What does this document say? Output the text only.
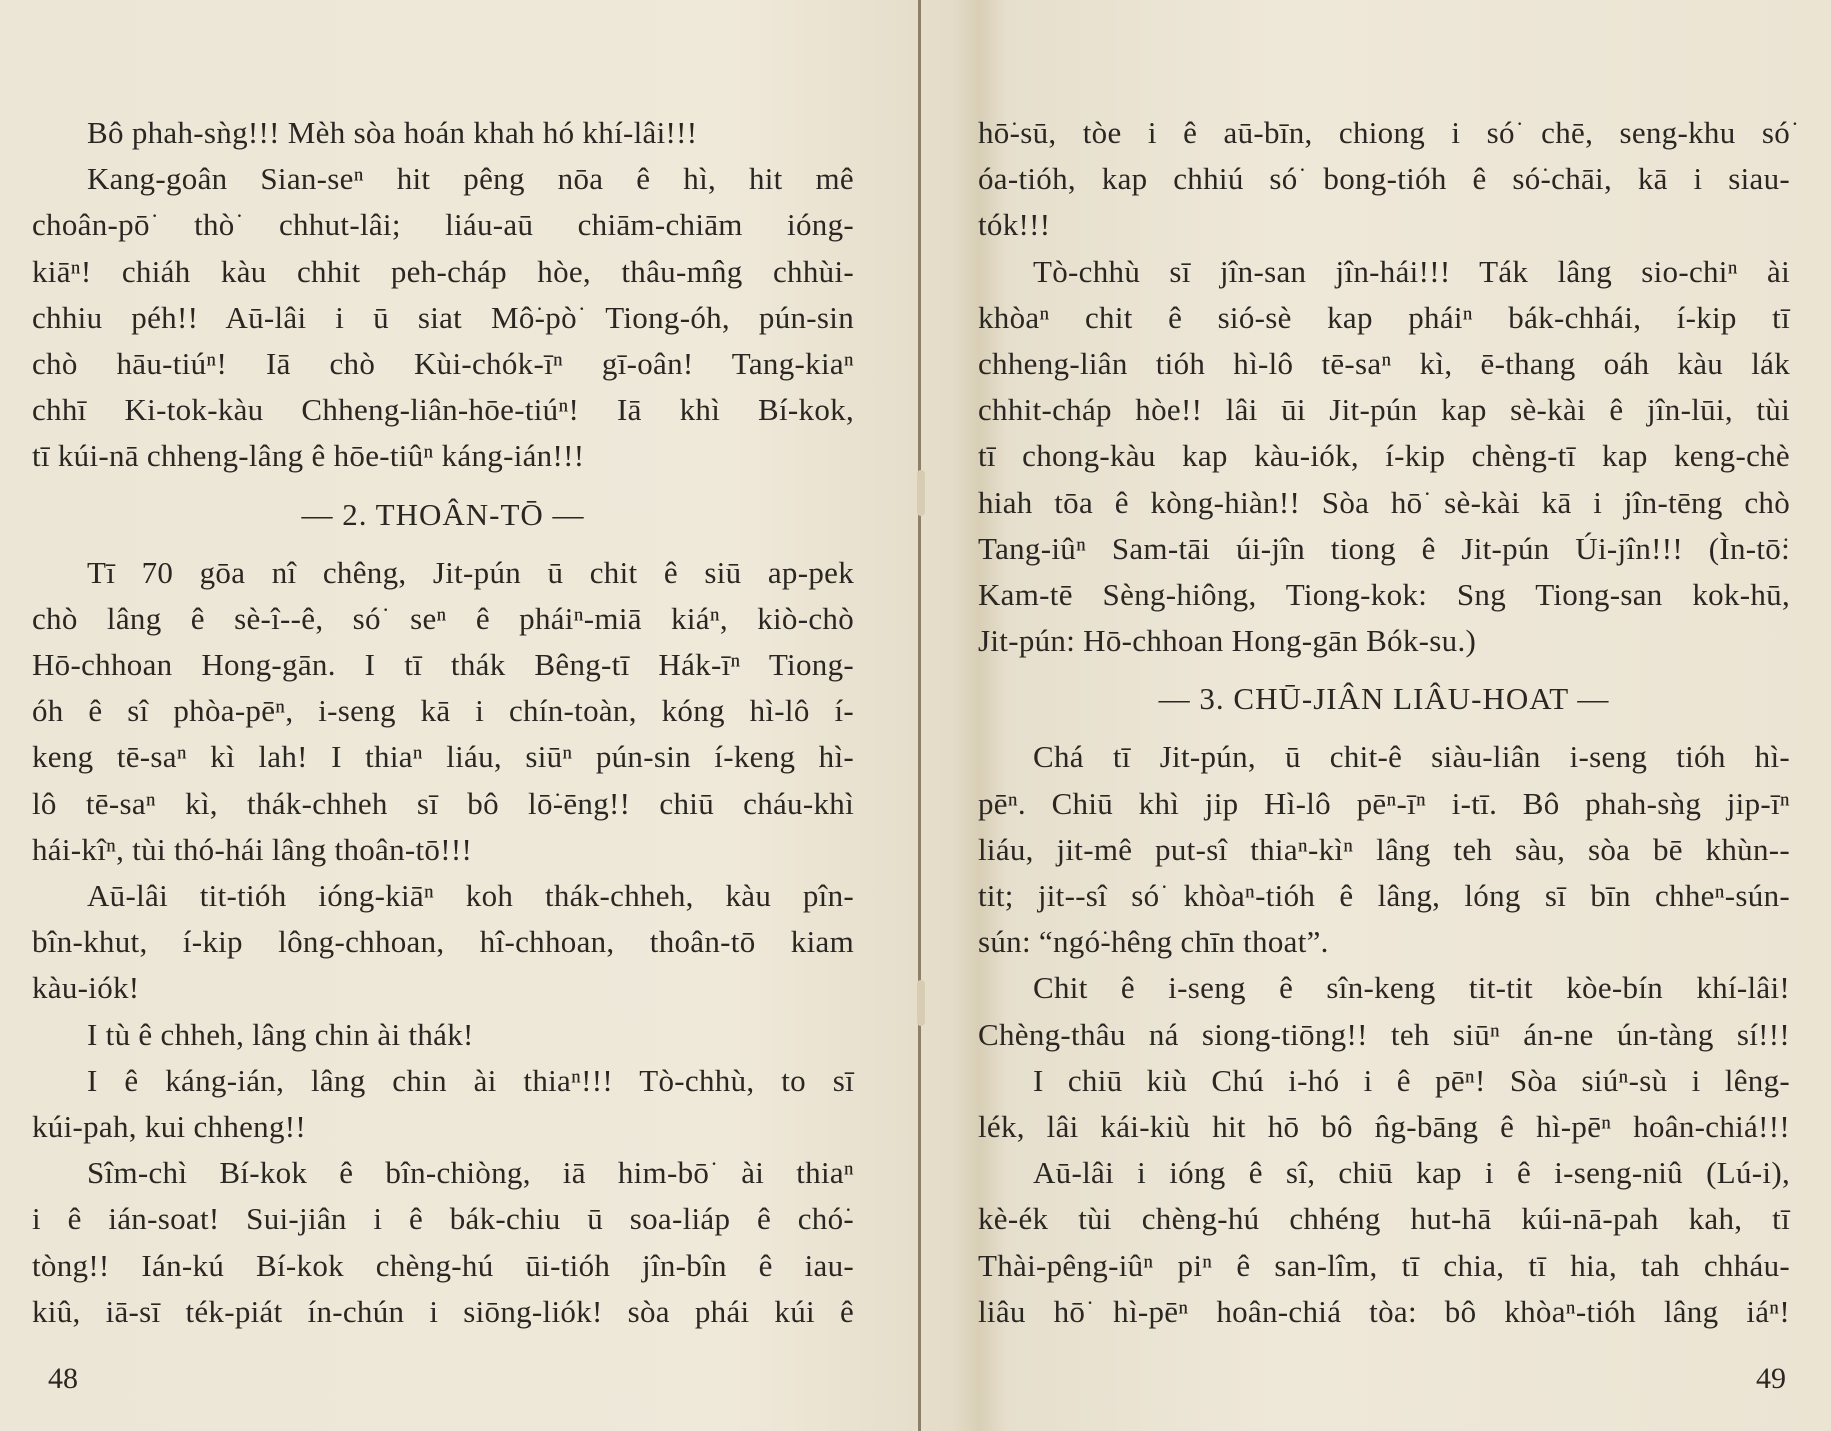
Bô phah-sǹg!!! Mèh sòa hoán khah hó khí-lâi!!!
Kang-goân Sian-seⁿ hit pêng nōa ê hì, hit mê
choân-pō͘ thò͘ chhut-lâi; liáu-aū chiām-chiām ióng-
kiāⁿ! chiáh kàu chhit peh-cháp hòe, thâu-mn̂g chhùi-
chhiu péh!! Aū-lâi i ū siat Mô͘-pò͘ Tiong-óh, pún-sin
chò hāu-tiúⁿ! Iā chò Kùi-chók-īⁿ gī-oân! Tang-kiaⁿ
chhī Ki-tok-kàu Chheng-liân-hōe-tiúⁿ! Iā khì Bí-kok,
tī kúi-nā chheng-lâng ê hōe-tiûⁿ káng-ián!!!
— 2. THOÂN-TŌ —
Tī 70 gōa nî chêng, Jit-pún ū chit ê siū ap-pek
chò lâng ê sè-î--ê, só͘ seⁿ ê pháiⁿ-miā kiáⁿ, kiò-chò
Hō-chhoan Hong-gān. I tī thák Bêng-tī Hák-īⁿ Tiong-
óh ê sî phòa-pēⁿ, i-seng kā i chín-toàn, kóng hì-lô í-
keng tē-saⁿ kì lah! I thiaⁿ liáu, siūⁿ pún-sin í-keng hì-
lô tē-saⁿ kì, thák-chheh sī bô lō͘-ēng!! chiū cháu-khì
hái-kîⁿ, tùi thó-hái lâng thoân-tō!!!
Aū-lâi tit-tióh ióng-kiāⁿ koh thák-chheh, kàu pîn-
bîn-khut, í-kip lông-chhoan, hî-chhoan, thoân-tō kiam
kàu-iók!
I tù ê chheh, lâng chin ài thák!
I ê káng-ián, lâng chin ài thiaⁿ!!! Tò-chhù, to sī
kúi-pah, kui chheng!!
Sîm-chì Bí-kok ê bîn-chiòng, iā him-bō͘ ài thiaⁿ
i ê ián-soat! Sui-jiân i ê bák-chiu ū soa-liáp ê chó͘-
tòng!! Ián-kú Bí-kok chèng-hú ūi-tióh jîn-bîn ê iau-
kiû, iā-sī ték-piát ín-chún i siōng-liók! sòa phái kúi ê
hō͘-sū, tòe i ê aū-bīn, chiong i só͘ chē, seng-khu só͘
óa-tióh, kap chhiú só͘ bong-tióh ê só͘-chāi, kā i siau-
tók!!!
Tò-chhù sī jîn-san jîn-hái!!! Ták lâng sio-chiⁿ ài
khòaⁿ chit ê sió-sè kap pháiⁿ bák-chhái, í-kip tī
chheng-liân tióh hì-lô tē-saⁿ kì, ē-thang oáh kàu lák
chhit-cháp hòe!! lâi ūi Jit-pún kap sè-kài ê jîn-lūi, tùi
tī chong-kàu kap kàu-iók, í-kip chèng-tī kap keng-chè
hiah tōa ê kòng-hiàn!! Sòa hō͘ sè-kài kā i jîn-tēng chò
Tang-iûⁿ Sam-tāi úi-jîn tiong ê Jit-pún Úi-jîn!!! (Ìn-tō͘:
Kam-tē Sèng-hiông, Tiong-kok: Sng Tiong-san kok-hū,
Jit-pún: Hō-chhoan Hong-gān Bók-su.)
— 3. CHŪ-JIÂN LIÂU-HOAT —
Chá tī Jit-pún, ū chit-ê siàu-liân i-seng tióh hì-
pēⁿ. Chiū khì jip Hì-lô pēⁿ-īⁿ i-tī. Bô phah-sǹg jip-īⁿ
liáu, jit-mê put-sî thiaⁿ-kìⁿ lâng teh sàu, sòa bē khùn--
tit; jit--sî só͘ khòaⁿ-tióh ê lâng, lóng sī bīn chheⁿ-sún-
sún: “ngó͘-hêng chīn thoat”.
Chit ê i-seng ê sîn-keng tit-tit kòe-bín khí-lâi!
Chèng-thâu ná siong-tiōng!! teh siūⁿ án-ne ún-tàng sí!!!
I chiū kiù Chú i-hó i ê pēⁿ! Sòa siúⁿ-sù i lêng-
lék, lâi kái-kiù hit hō bô n̂g-bāng ê hì-pēⁿ hoân-chiá!!!
Aū-lâi i ióng ê sî, chiū kap i ê i-seng-niû (Lú-i),
kè-ék tùi chèng-hú chhéng hut-hā kúi-nā-pah kah, tī
Thài-pêng-iûⁿ piⁿ ê san-lîm, tī chia, tī hia, tah chháu-
liâu hō͘ hì-pēⁿ hoân-chiá tòa: bô khòaⁿ-tióh lâng iáⁿ!
48	49
